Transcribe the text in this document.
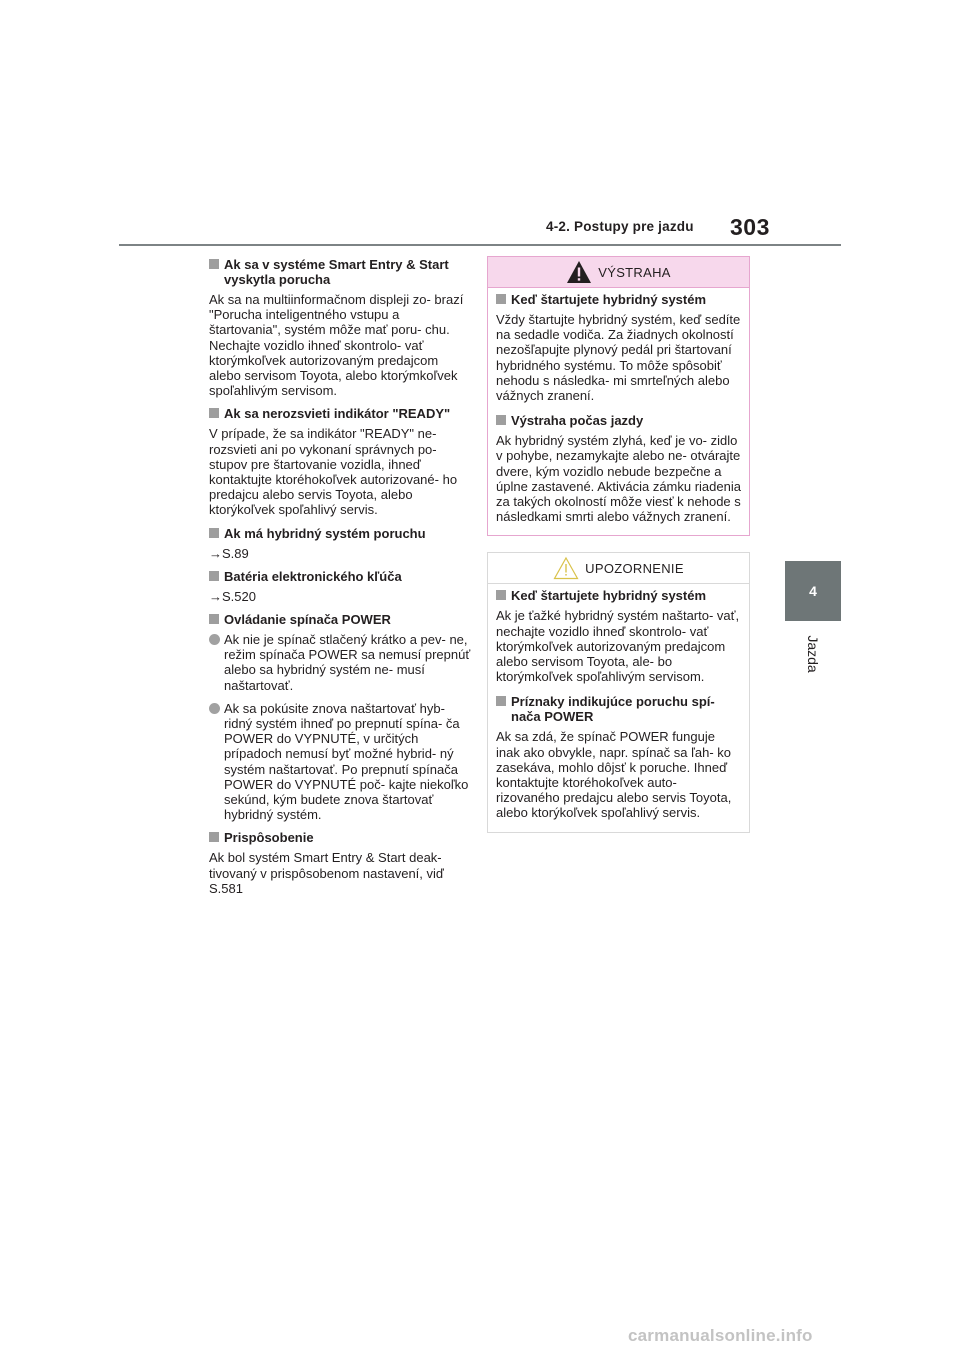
4-2. Postupy pre jazdu 303
4
Jazda
Ak sa v systéme Smart Entry & Start vyskytla porucha
Ak sa na multiinformačnom displeji zo- brazí "Porucha inteligentného vstupu a štartovania", systém môže mať poru- chu. Nechajte vozidlo ihneď skontrolo- vať ktorýmkoľvek autorizovaným predajcom alebo servisom Toyota, alebo ktorýmkoľvek spoľahlivým servisom.
Ak sa nerozsvieti indikátor "READY"
V prípade, že sa indikátor "READY" ne- rozsvieti ani po vykonaní správnych po- stupov pre štartovanie vozidla, ihneď kontaktujte ktoréhokoľvek autorizované- ho predajcu alebo servis Toyota, alebo ktorýkoľvek spoľahlivý servis.
Ak má hybridný systém poruchu
→S.89
Batéria elektronického kľúča
→S.520
Ovládanie spínača POWER
Ak nie je spínač stlačený krátko a pev- ne, režim spínača POWER sa nemusí prepnúť alebo sa hybridný systém ne- musí naštartovať.
Ak sa pokúsite znova naštartovať hyb- ridný systém ihneď po prepnutí spína- ča POWER do VYPNUTÉ, v určitých prípadoch nemusí byť možné hybrid- ný systém naštartovať. Po prepnutí spínača POWER do VYPNUTÉ poč- kajte niekoľko sekúnd, kým budete znova štartovať hybridný systém.
Prispôsobenie
Ak bol systém Smart Entry & Start deak- tivovaný v prispôsobenom nastavení, viď S.581
VÝSTRAHA
Keď štartujete hybridný systém
Vždy štartujte hybridný systém, keď sedíte na sedadle vodiča. Za žiadnych okolností nezošľapujte plynový pedál pri štartovaní hybridného systému. To môže spôsobiť nehodu s následka- mi smrteľných alebo vážnych zranení.
Výstraha počas jazdy
Ak hybridný systém zlyhá, keď je vo- zidlo v pohybe, nezamykajte alebo ne- otvárajte dvere, kým vozidlo nebude bezpečne a úplne zastavené. Aktivácia zámku riadenia za takých okolností môže viesť k nehode s následkami smrti alebo vážnych zranení.
UPOZORNENIE
Keď štartujete hybridný systém
Ak je ťažké hybridný systém naštarto- vať, nechajte vozidlo ihneď skontrolo- vať ktorýmkoľvek autorizovaným predajcom alebo servisom Toyota, ale- bo ktorýmkoľvek spoľahlivým servisom.
Príznaky indikujúce poruchu spí- nača POWER
Ak sa zdá, že spínač POWER funguje inak ako obvykle, napr. spínač sa ľah- ko zasekáva, mohlo dôjsť k poruche. Ihneď kontaktujte ktoréhokoľvek auto- rizovaného predajcu alebo servis Toyota, alebo ktorýkoľvek spoľahlivý servis.
carmanualsonline.info
